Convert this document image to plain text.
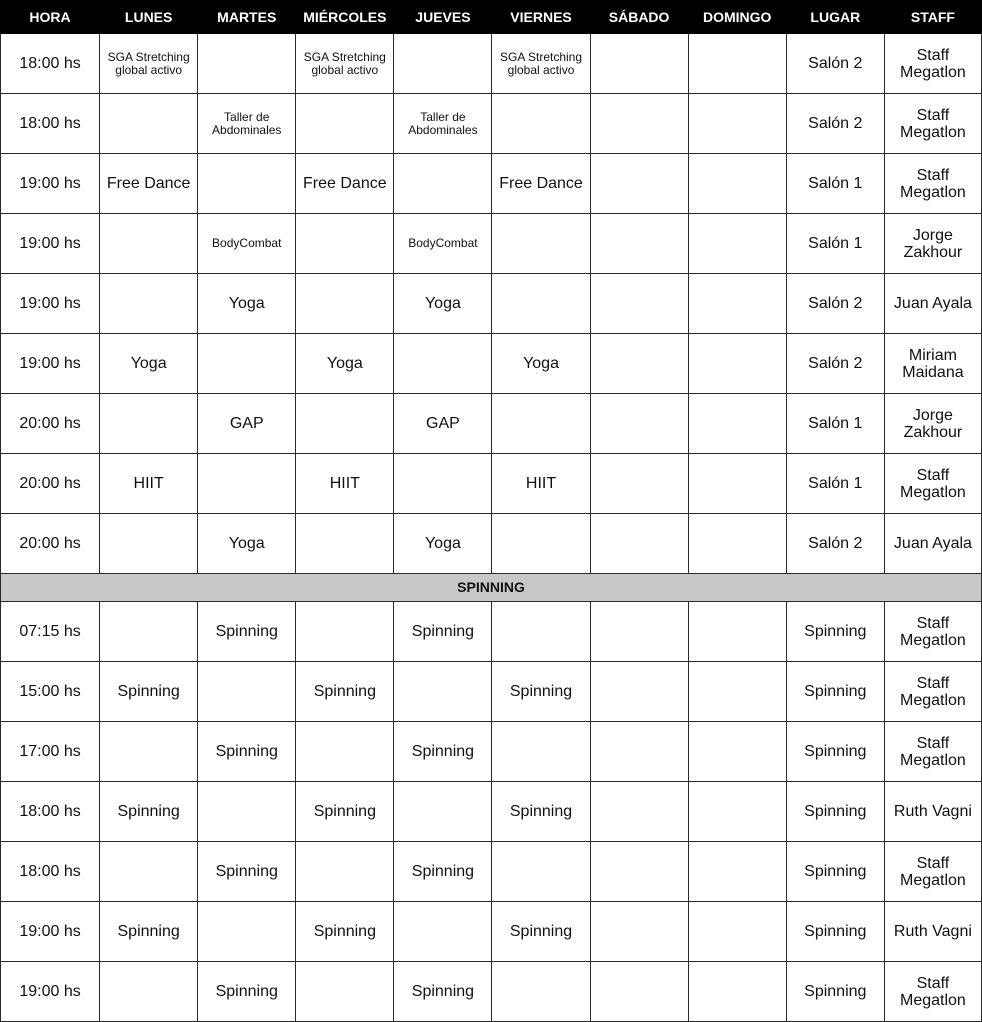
HORA	LUNES	MARTES	MIÉRCOLES	JUEVES	VIERNES	SÁBADO	DOMINGO	LUGAR	STAFF
18:00 hs	SGA Stretching global activo		SGA Stretching global activo		SGA Stretching global activo			Salón 2	Staff Megatlon
18:00 hs		Taller de Abdominales		Taller de Abdominales				Salón 2	Staff Megatlon
19:00 hs	Free Dance		Free Dance		Free Dance			Salón 1	Staff Megatlon
19:00 hs		BodyCombat		BodyCombat				Salón 1	Jorge Zakhour
19:00 hs		Yoga		Yoga				Salón 2	Juan Ayala
19:00 hs	Yoga		Yoga		Yoga			Salón 2	Miriam Maidana
20:00 hs		GAP		GAP				Salón 1	Jorge Zakhour
20:00 hs	HIIT		HIIT		HIIT			Salón 1	Staff Megatlon
20:00 hs		Yoga		Yoga				Salón 2	Juan Ayala
SPINNING									
07:15 hs		Spinning		Spinning				Spinning	Staff Megatlon
15:00 hs	Spinning		Spinning		Spinning			Spinning	Staff Megatlon
17:00 hs		Spinning		Spinning				Spinning	Staff Megatlon
18:00 hs	Spinning		Spinning		Spinning			Spinning	Ruth Vagni
18:00 hs		Spinning		Spinning				Spinning	Staff Megatlon
19:00 hs	Spinning		Spinning		Spinning			Spinning	Ruth Vagni
19:00 hs		Spinning		Spinning				Spinning	Staff Megatlon
